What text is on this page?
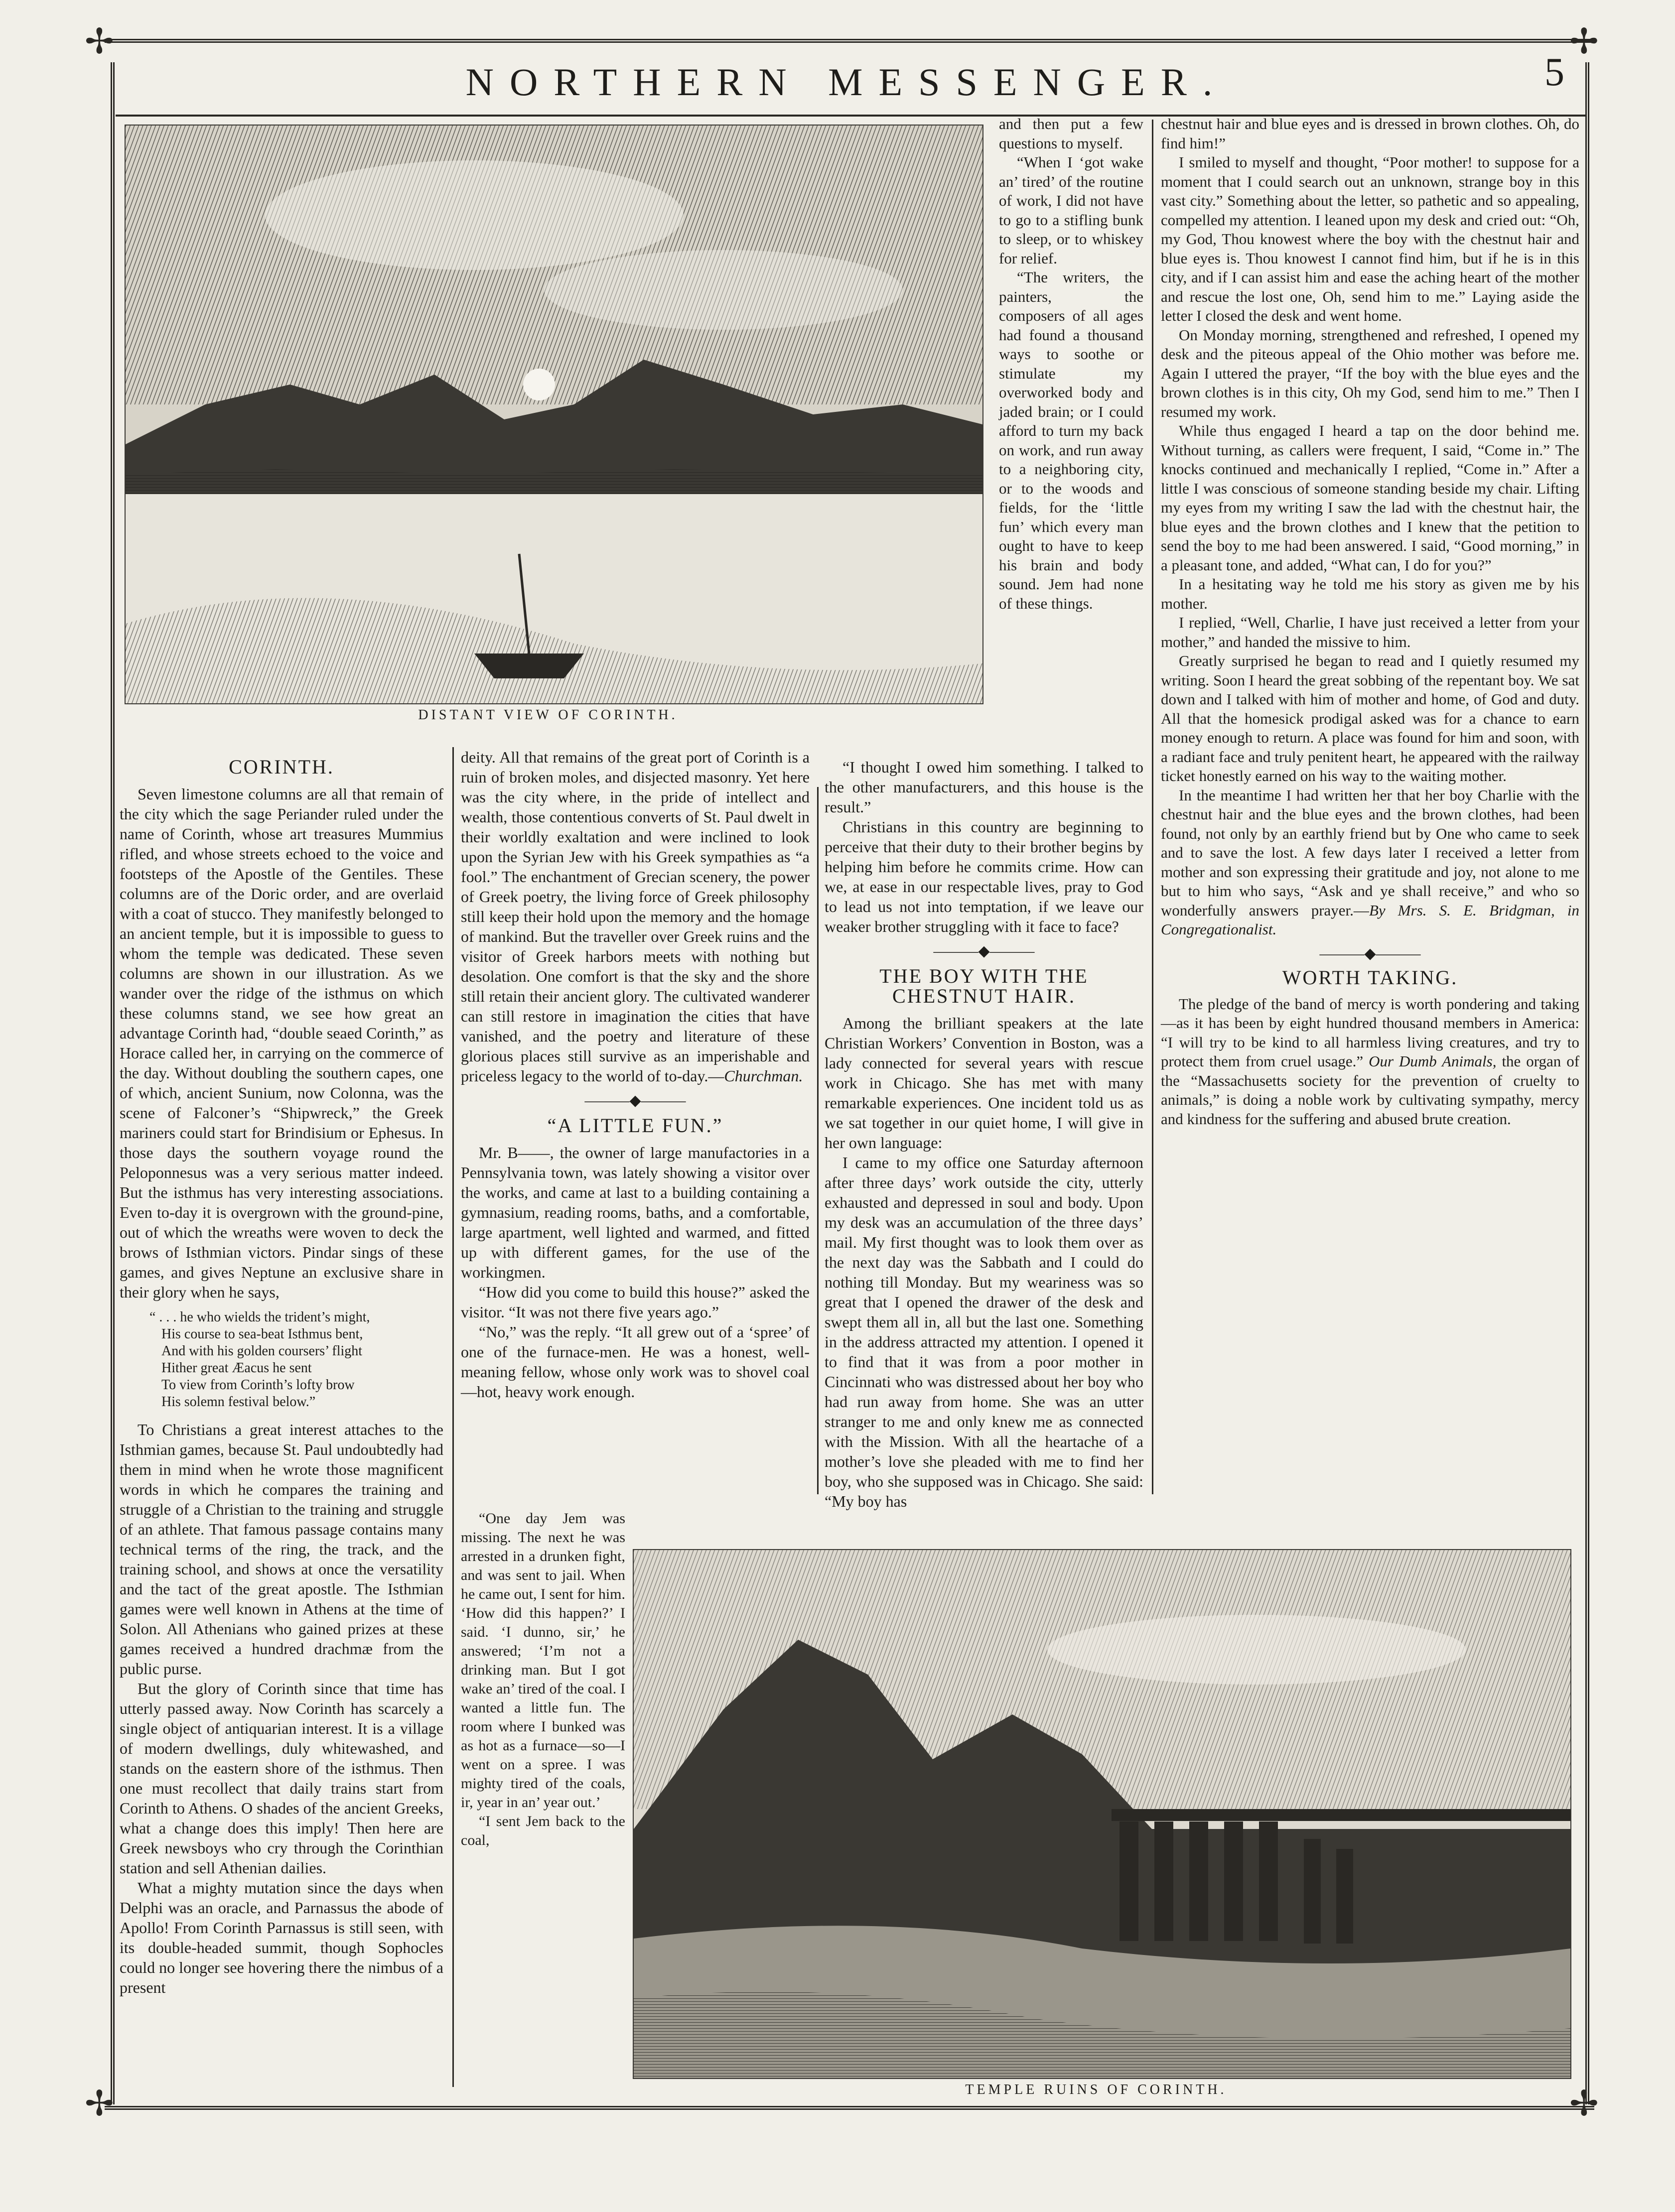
✢	✢
✢	✢
NORTHERN MESSENGER.	5
DISTANT VIEW OF CORINTH.
CORINTH.

Seven limestone columns are all that remain of the city which the sage Periander ruled under the name of Corinth, whose art treasures Mummius rifled, and whose streets echoed to the voice and footsteps of the Apostle of the Gentiles. These columns are of the Doric order, and are overlaid with a coat of stucco. They manifestly belonged to an ancient temple, but it is impossible to guess to whom the temple was dedicated. These seven columns are shown in our illustration. As we wander over the ridge of the isthmus on which these columns stand, we see how great an advantage Corinth had, “double seaed Corinth,” as Horace called her, in carrying on the commerce of the day. Without doubling the southern capes, one of which, ancient Sunium, now Colonna, was the scene of Falconer’s “Shipwreck,” the Greek mariners could start for Brindisium or Ephesus. In those days the southern voyage round the Peloponnesus was a very serious matter indeed. But the isthmus has very interesting associations. Even to-day it is overgrown with the ground-pine, out of which the wreaths were woven to deck the brows of Isthmian victors. Pindar sings of these games, and gives Neptune an exclusive share in their glory when he says,

“ . . . he who wields the trident’s might,
His course to sea-beat Isthmus bent,
And with his golden coursers’ flight
Hither great Æacus he sent
To view from Corinth’s lofty brow
His solemn festival below.”

To Christians a great interest attaches to the Isthmian games, because St. Paul undoubtedly had them in mind when he wrote those magnificent words in which he compares the training and struggle of a Christian to the training and struggle of an athlete. That famous passage contains many technical terms of the ring, the track, and the training school, and shows at once the versatility and the tact of the great apostle. The Isthmian games were well known in Athens at the time of Solon. All Athenians who gained prizes at these games received a hundred drachmæ from the public purse.

But the glory of Corinth since that time has utterly passed away. Now Corinth has scarcely a single object of antiquarian interest. It is a village of modern dwellings, duly whitewashed, and stands on the eastern shore of the isthmus. Then one must recollect that daily trains start from Corinth to Athens. O shades of the ancient Greeks, what a change does this imply! Then here are Greek newsboys who cry through the Corinthian station and sell Athenian dailies.

What a mighty mutation since the days when Delphi was an oracle, and Parnassus the abode of Apollo! From Corinth Parnassus is still seen, with its double-headed summit, though Sophocles could no longer see hovering there the nimbus of a present

deity. All that remains of the great port of Corinth is a ruin of broken moles, and disjected masonry. Yet here was the city where, in the pride of intellect and wealth, those contentious converts of St. Paul dwelt in their worldly exaltation and were inclined to look upon the Syrian Jew with his Greek sympathies as “a fool.” The enchantment of Grecian scenery, the power of Greek poetry, the living force of Greek philosophy still keep their hold upon the memory and the homage of mankind. But the traveller over Greek ruins and the visitor of Greek harbors meets with nothing but desolation. One comfort is that the sky and the shore still retain their ancient glory. The cultivated wanderer can still restore in imagination the cities that have vanished, and the poetry and literature of these glorious places still survive as an imperishable and priceless legacy to the world of to-day.—Churchman.

———◆———
“A LITTLE FUN.”

Mr. B——, the owner of large manufactories in a Pennsylvania town, was lately showing a visitor over the works, and came at last to a building containing a gymnasium, reading rooms, baths, and a comfortable, large apartment, well lighted and warmed, and fitted up with different games, for the use of the workingmen.

“How did you come to build this house?” asked the visitor. “It was not there five years ago.”

“No,” was the reply. “It all grew out of a ‘spree’ of one of the furnace-men. He was a honest, well-meaning fellow, whose only work was to shovel coal—hot, heavy work enough.

“One day Jem was missing. The next he was arrested in a drunken fight, and was sent to jail. When he came out, I sent for him. ‘How did this happen?’ I said. ‘I dunno, sir,’ he answered; ‘I’m not a drinking man. But I got wake an’ tired of the coal. I wanted a little fun. The room where I bunked was as hot as a furnace—so—I went on a spree. I was mighty tired of the coals, ir, year in an’ year out.’

“I sent Jem back to the coal,

and then put a few questions to myself.

“When I ‘got wake an’ tired’ of the routine of work, I did not have to go to a stifling bunk to sleep, or to whiskey for relief.

“The writers, the painters, the composers of all ages had found a thousand ways to soothe or stimulate my overworked body and jaded brain; or I could afford to turn my back on work, and run away to a neighboring city, or to the woods and fields, for the ‘little fun’ which every man ought to have to keep his brain and body sound. Jem had none of these things.

“I thought I owed him something. I talked to the other manufacturers, and this house is the result.”

Christians in this country are beginning to perceive that their duty to their brother begins by helping him before he commits crime. How can we, at ease in our respectable lives, pray to God to lead us not into temptation, if we leave our weaker brother struggling with it face to face?

———◆———
THE BOY WITH THE CHESTNUT HAIR.

Among the brilliant speakers at the late Christian Workers’ Convention in Boston, was a lady connected for several years with rescue work in Chicago. She has met with many remarkable experiences. One incident told us as we sat together in our quiet home, I will give in her own language:

I came to my office one Saturday afternoon after three days’ work outside the city, utterly exhausted and depressed in soul and body. Upon my desk was an accumulation of the three days’ mail. My first thought was to look them over as the next day was the Sabbath and I could do nothing till Monday. But my weariness was so great that I opened the drawer of the desk and swept them all in, all but the last one. Something in the address attracted my attention. I opened it to find that it was from a poor mother in Cincinnati who was distressed about her boy who had run away from home. She was an utter stranger to me and only knew me as connected with the Mission. With all the heartache of a mother’s love she pleaded with me to find her boy, who she supposed was in Chicago. She said: “My boy has

chestnut hair and blue eyes and is dressed in brown clothes. Oh, do find him!”

I smiled to myself and thought, “Poor mother! to suppose for a moment that I could search out an unknown, strange boy in this vast city.” Something about the letter, so pathetic and so appealing, compelled my attention. I leaned upon my desk and cried out: “Oh, my God, Thou knowest where the boy with the chestnut hair and blue eyes is. Thou knowest I cannot find him, but if he is in this city, and if I can assist him and ease the aching heart of the mother and rescue the lost one, Oh, send him to me.” Laying aside the letter I closed the desk and went home.

On Monday morning, strengthened and refreshed, I opened my desk and the piteous appeal of the Ohio mother was before me. Again I uttered the prayer, “If the boy with the blue eyes and the brown clothes is in this city, Oh my God, send him to me.” Then I resumed my work.

While thus engaged I heard a tap on the door behind me. Without turning, as callers were frequent, I said, “Come in.” The knocks continued and mechanically I replied, “Come in.” After a little I was conscious of someone standing beside my chair. Lifting my eyes from my writing I saw the lad with the chestnut hair, the blue eyes and the brown clothes and I knew that the petition to send the boy to me had been answered. I said, “Good morning,” in a pleasant tone, and added, “What can, I do for you?”

In a hesitating way he told me his story as given me by his mother.

I replied, “Well, Charlie, I have just received a letter from your mother,” and handed the missive to him.

Greatly surprised he began to read and I quietly resumed my writing. Soon I heard the great sobbing of the repentant boy. We sat down and I talked with him of mother and home, of God and duty. All that the homesick prodigal asked was for a chance to earn money enough to return. A place was found for him and soon, with a radiant face and truly penitent heart, he appeared with the railway ticket honestly earned on his way to the waiting mother.

In the meantime I had written her that her boy Charlie with the chestnut hair and the blue eyes and the brown clothes, had been found, not only by an earthly friend but by One who came to seek and to save the lost. A few days later I received a letter from mother and son expressing their gratitude and joy, not alone to me but to him who says, “Ask and ye shall receive,” and who so wonderfully answers prayer.—By Mrs. S. E. Bridgman, in Congregationalist.

———◆———
WORTH TAKING.

The pledge of the band of mercy is worth pondering and taking—as it has been by eight hundred thousand members in America: “I will try to be kind to all harmless living creatures, and try to protect them from cruel usage.” Our Dumb Animals, the organ of the “Massachusetts society for the prevention of cruelty to animals,” is doing a noble work by cultivating sympathy, mercy and kindness for the suffering and abused brute creation.

TEMPLE RUINS OF CORINTH.
